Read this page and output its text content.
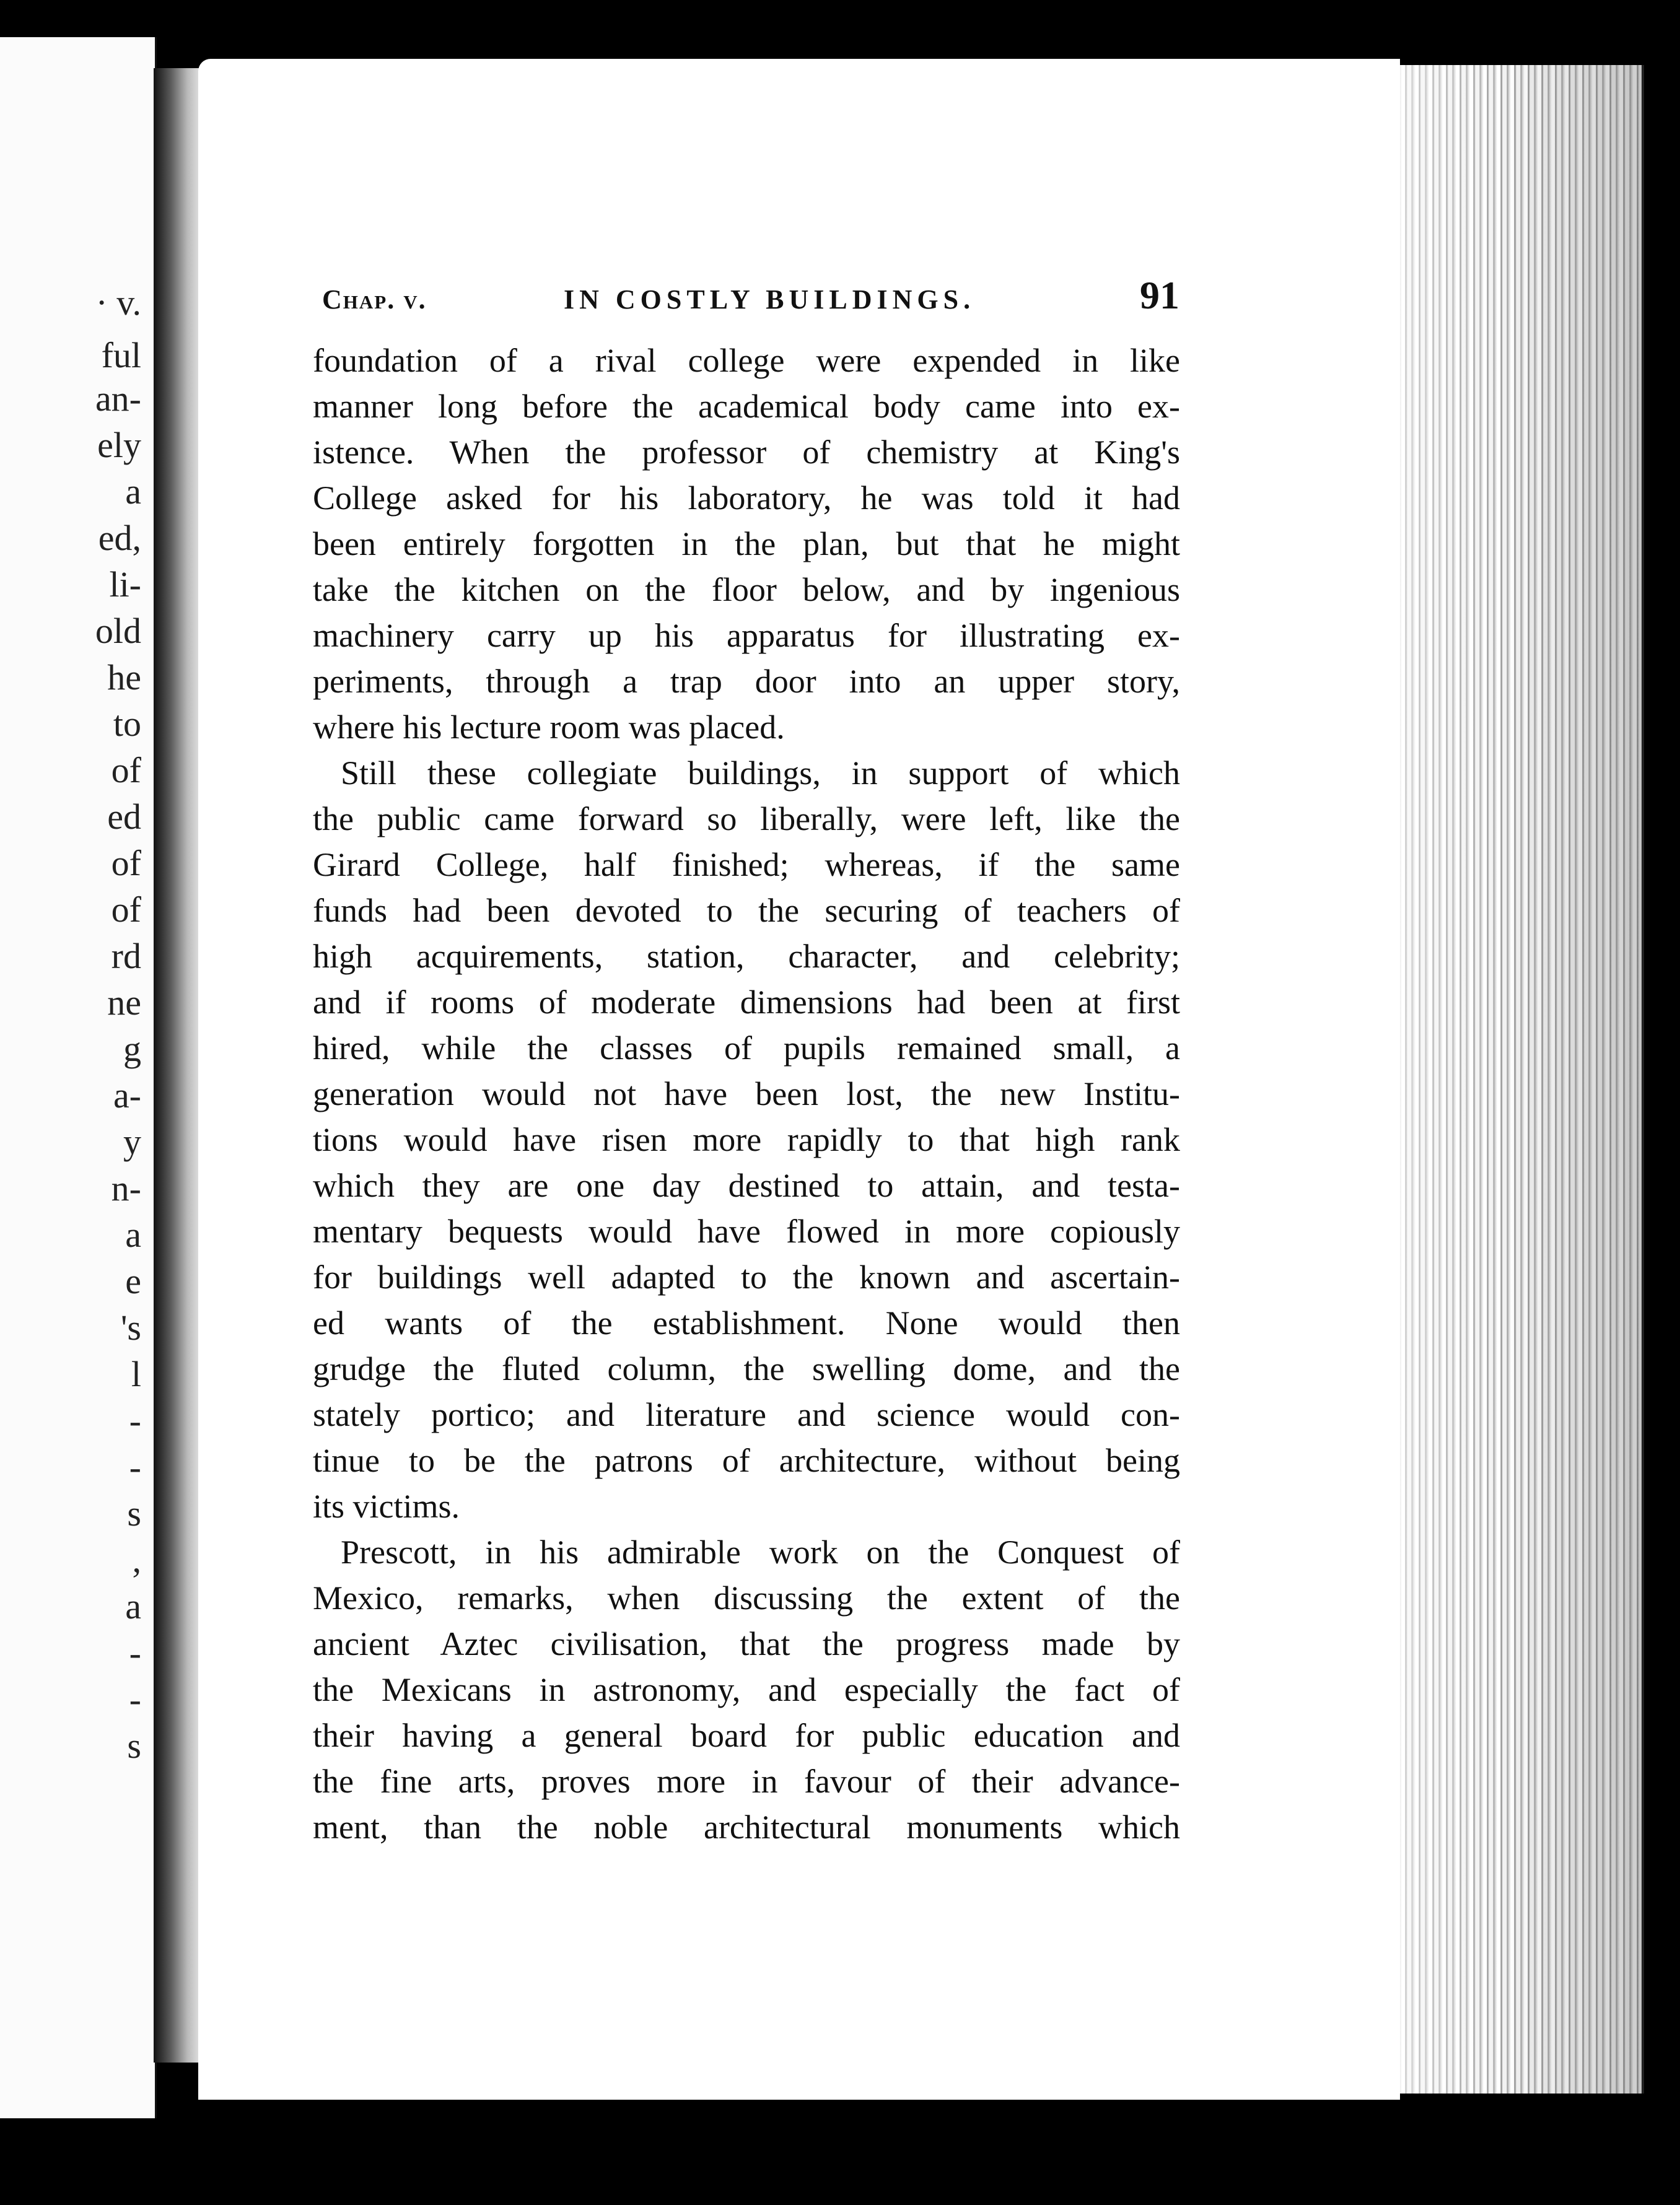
· v.
ful
an-
ely
a
ed,
li-
old
he
to
of
ed
of
of
rd
ne
g
a-
y
n-
a
e
's
l
-
-
s
,
a
-
-
s
Chap. v.	IN COSTLY BUILDINGS.	91
foundation of a rival college were expended in like
manner long before the academical body came into ex-
istence. When the professor of chemistry at King's
College asked for his laboratory, he was told it had
been entirely forgotten in the plan, but that he might
take the kitchen on the floor below, and by ingenious
machinery carry up his apparatus for illustrating ex-
periments, through a trap door into an upper story,
where his lecture room was placed.
Still these collegiate buildings, in support of which
the public came forward so liberally, were left, like the
Girard College, half finished; whereas, if the same
funds had been devoted to the securing of teachers of
high acquirements, station, character, and celebrity;
and if rooms of moderate dimensions had been at first
hired, while the classes of pupils remained small, a
generation would not have been lost, the new Institu-
tions would have risen more rapidly to that high rank
which they are one day destined to attain, and testa-
mentary bequests would have flowed in more copiously
for buildings well adapted to the known and ascertain-
ed wants of the establishment. None would then
grudge the fluted column, the swelling dome, and the
stately portico; and literature and science would con-
tinue to be the patrons of architecture, without being
its victims.
Prescott, in his admirable work on the Conquest of
Mexico, remarks, when discussing the extent of the
ancient Aztec civilisation, that the progress made by
the Mexicans in astronomy, and especially the fact of
their having a general board for public education and
the fine arts, proves more in favour of their advance-
ment, than the noble architectural monuments which
